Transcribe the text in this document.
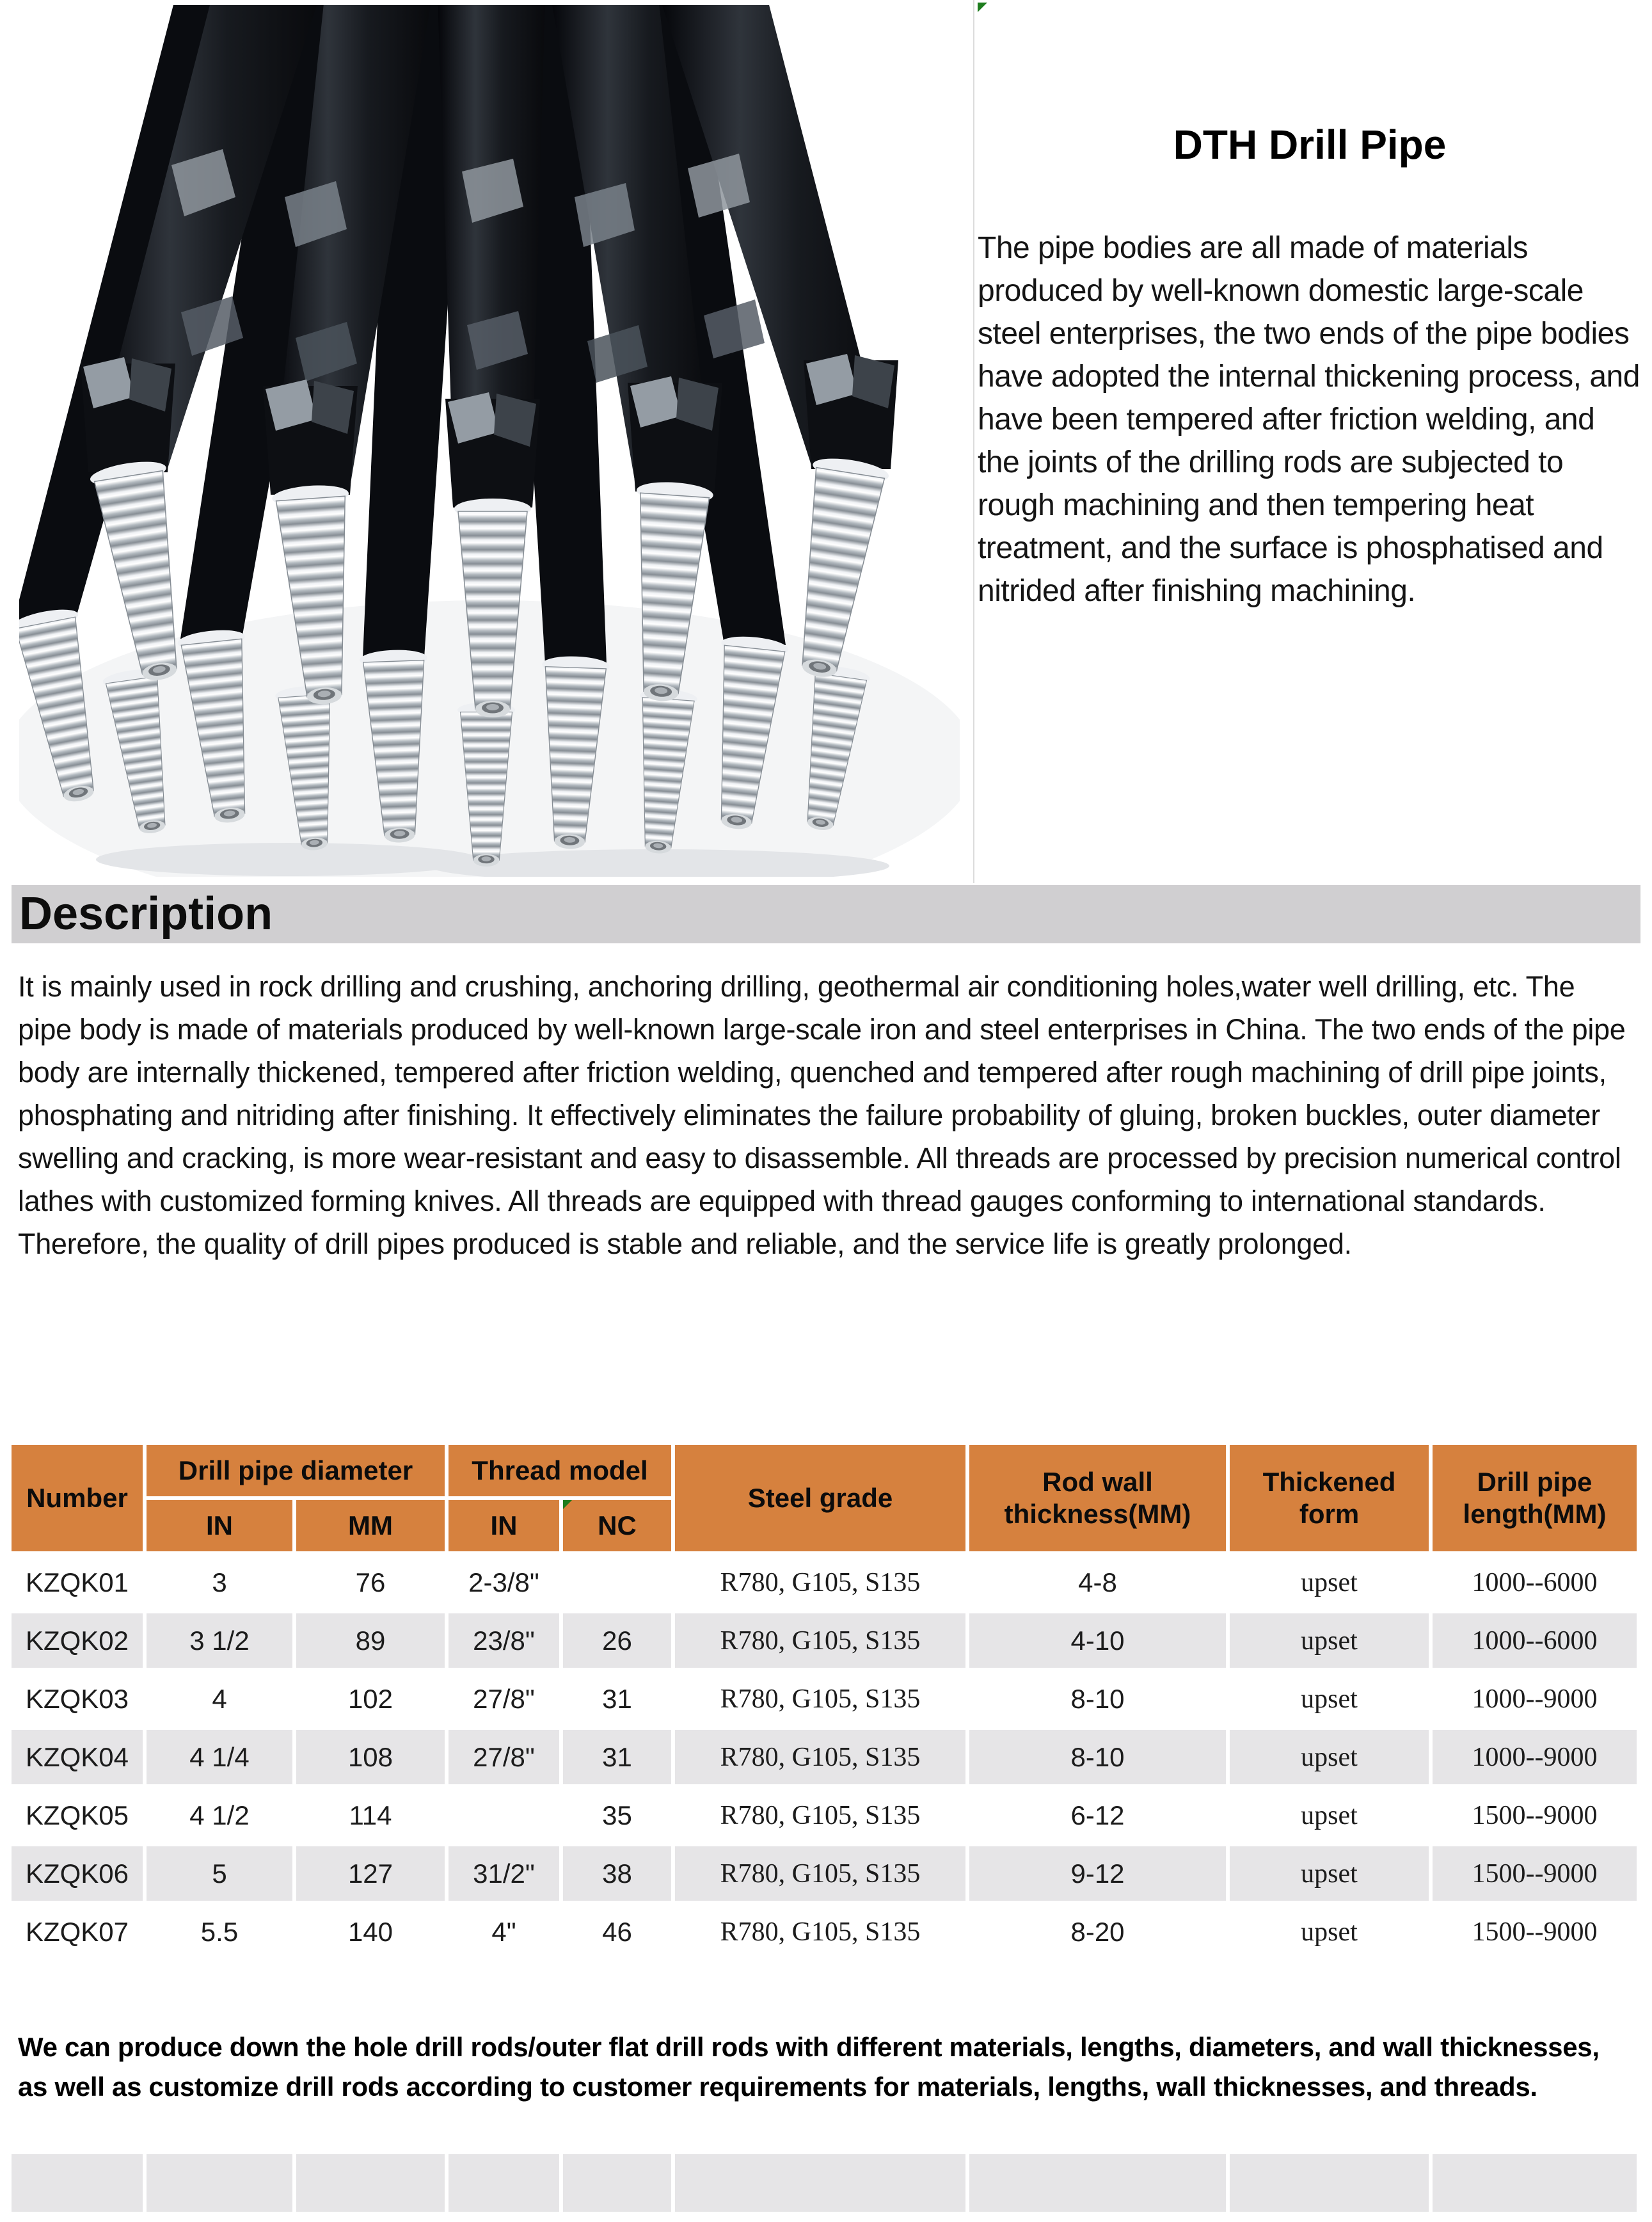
DTH Drill Pipe
The pipe bodies are all made of materials produced by well-known domestic large-scale steel enterprises, the two ends of the pipe bodies have adopted the internal thickening process, and have been tempered after friction welding, and the joints of the drilling rods are subjected to rough machining and then tempering heat treatment, and the surface is phosphatised and nitrided after finishing machining.
Description
It is mainly used in rock drilling and crushing, anchoring drilling, geothermal air conditioning holes,water well drilling, etc. The pipe body is made of materials produced by well-known large-scale iron and steel enterprises in China. The two ends of the pipe body are internally thickened, tempered after friction welding, quenched and tempered after rough machining of drill pipe joints, phosphating and nitriding after finishing. It effectively eliminates the failure probability of gluing, broken buckles, outer diameter swelling and cracking, is more wear-resistant and easy to disassemble. All threads are processed by precision numerical control lathes with customized forming knives. All threads are equipped with thread gauges conforming to international standards. Therefore, the quality of drill pipes produced is stable and reliable, and the service life is greatly prolonged.
Number	Drill pipe diameter		Thread model		Steel grade	Rod wall thickness(MM)	Thickened form	Drill pipe length(MM)
	IN	MM	IN	NC				
KZQK01	3	76	2-3/8"		R780, G105, S135	4-8	upset	1000--6000
KZQK02	3 1/2	89	23/8"	26	R780, G105, S135	4-10	upset	1000--6000
KZQK03	4	102	27/8"	31	R780, G105, S135	8-10	upset	1000--9000
KZQK04	4 1/4	108	27/8"	31	R780, G105, S135	8-10	upset	1000--9000
KZQK05	4 1/2	114		35	R780, G105, S135	6-12	upset	1500--9000
KZQK06	5	127	31/2"	38	R780, G105, S135	9-12	upset	1500--9000
KZQK07	5.5	140	4"	46	R780, G105, S135	8-20	upset	1500--9000

We can produce down the hole drill rods/outer flat drill rods with different materials, lengths, diameters, and wall thicknesses, as well as customize drill rods according to customer requirements for materials, lengths, wall thicknesses, and threads.
